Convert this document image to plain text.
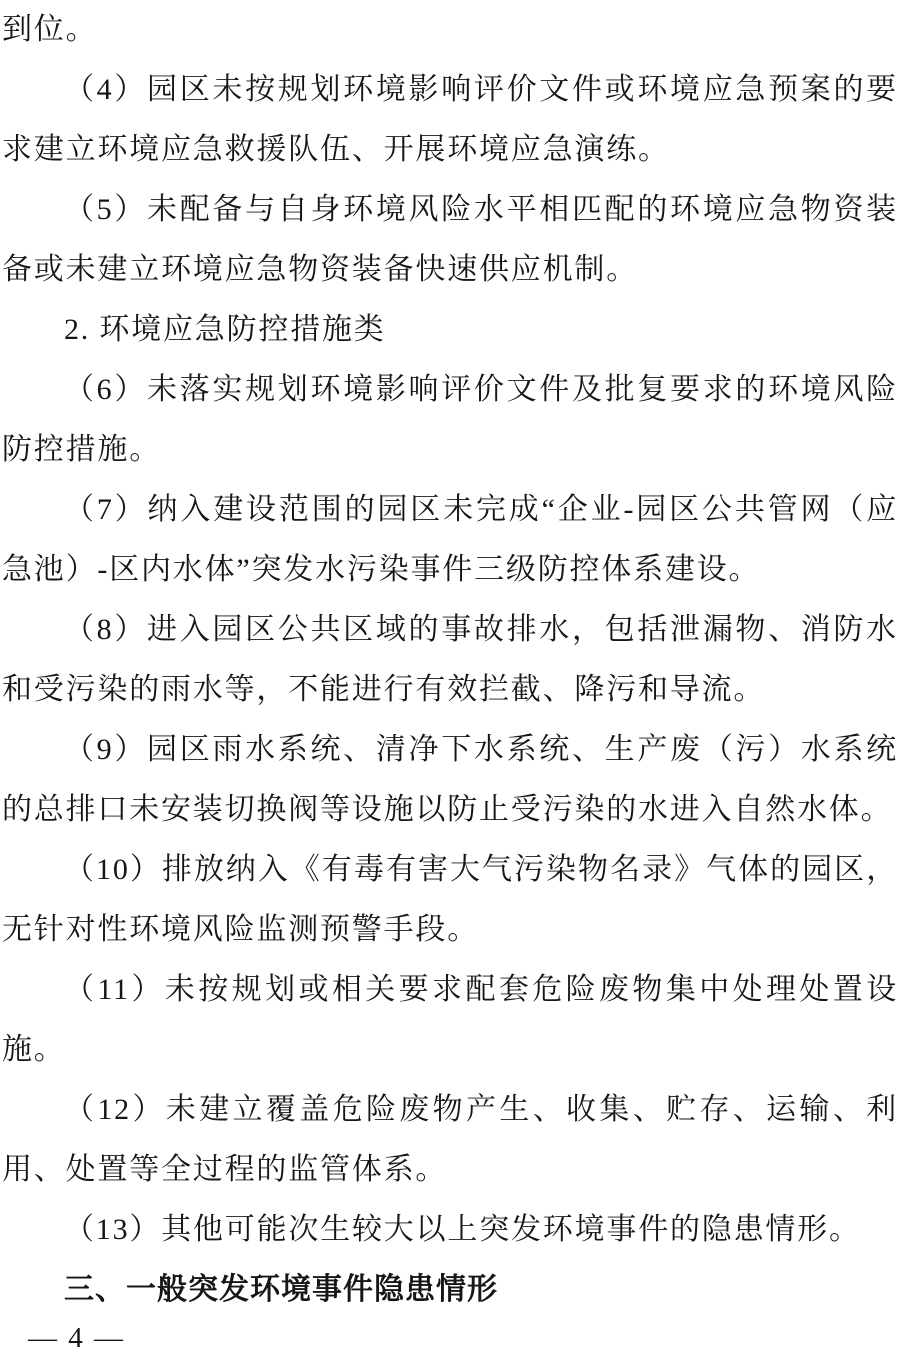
到位。

（4）园区未按规划环境影响评价文件或环境应急预案的要求建立环境应急救援队伍、开展环境应急演练。

（5）未配备与自身环境风险水平相匹配的环境应急物资装备或未建立环境应急物资装备快速供应机制。

2. 环境应急防控措施类

（6）未落实规划环境影响评价文件及批复要求的环境风险防控措施。

（7）纳入建设范围的园区未完成“企业-园区公共管网（应急池）-区内水体”突发水污染事件三级防控体系建设。

（8）进入园区公共区域的事故排水，包括泄漏物、消防水和受污染的雨水等，不能进行有效拦截、降污和导流。

（9）园区雨水系统、清净下水系统、生产废（污）水系统的总排口未安装切换阀等设施以防止受污染的水进入自然水体。

（10）排放纳入《有毒有害大气污染物名录》气体的园区，无针对性环境风险监测预警手段。

（11）未按规划或相关要求配套危险废物集中处理处置设施。

（12）未建立覆盖危险废物产生、收集、贮存、运输、利用、处置等全过程的监管体系。

（13）其他可能次生较大以上突发环境事件的隐患情形。

三、一般突发环境事件隐患情形

— 4 —
